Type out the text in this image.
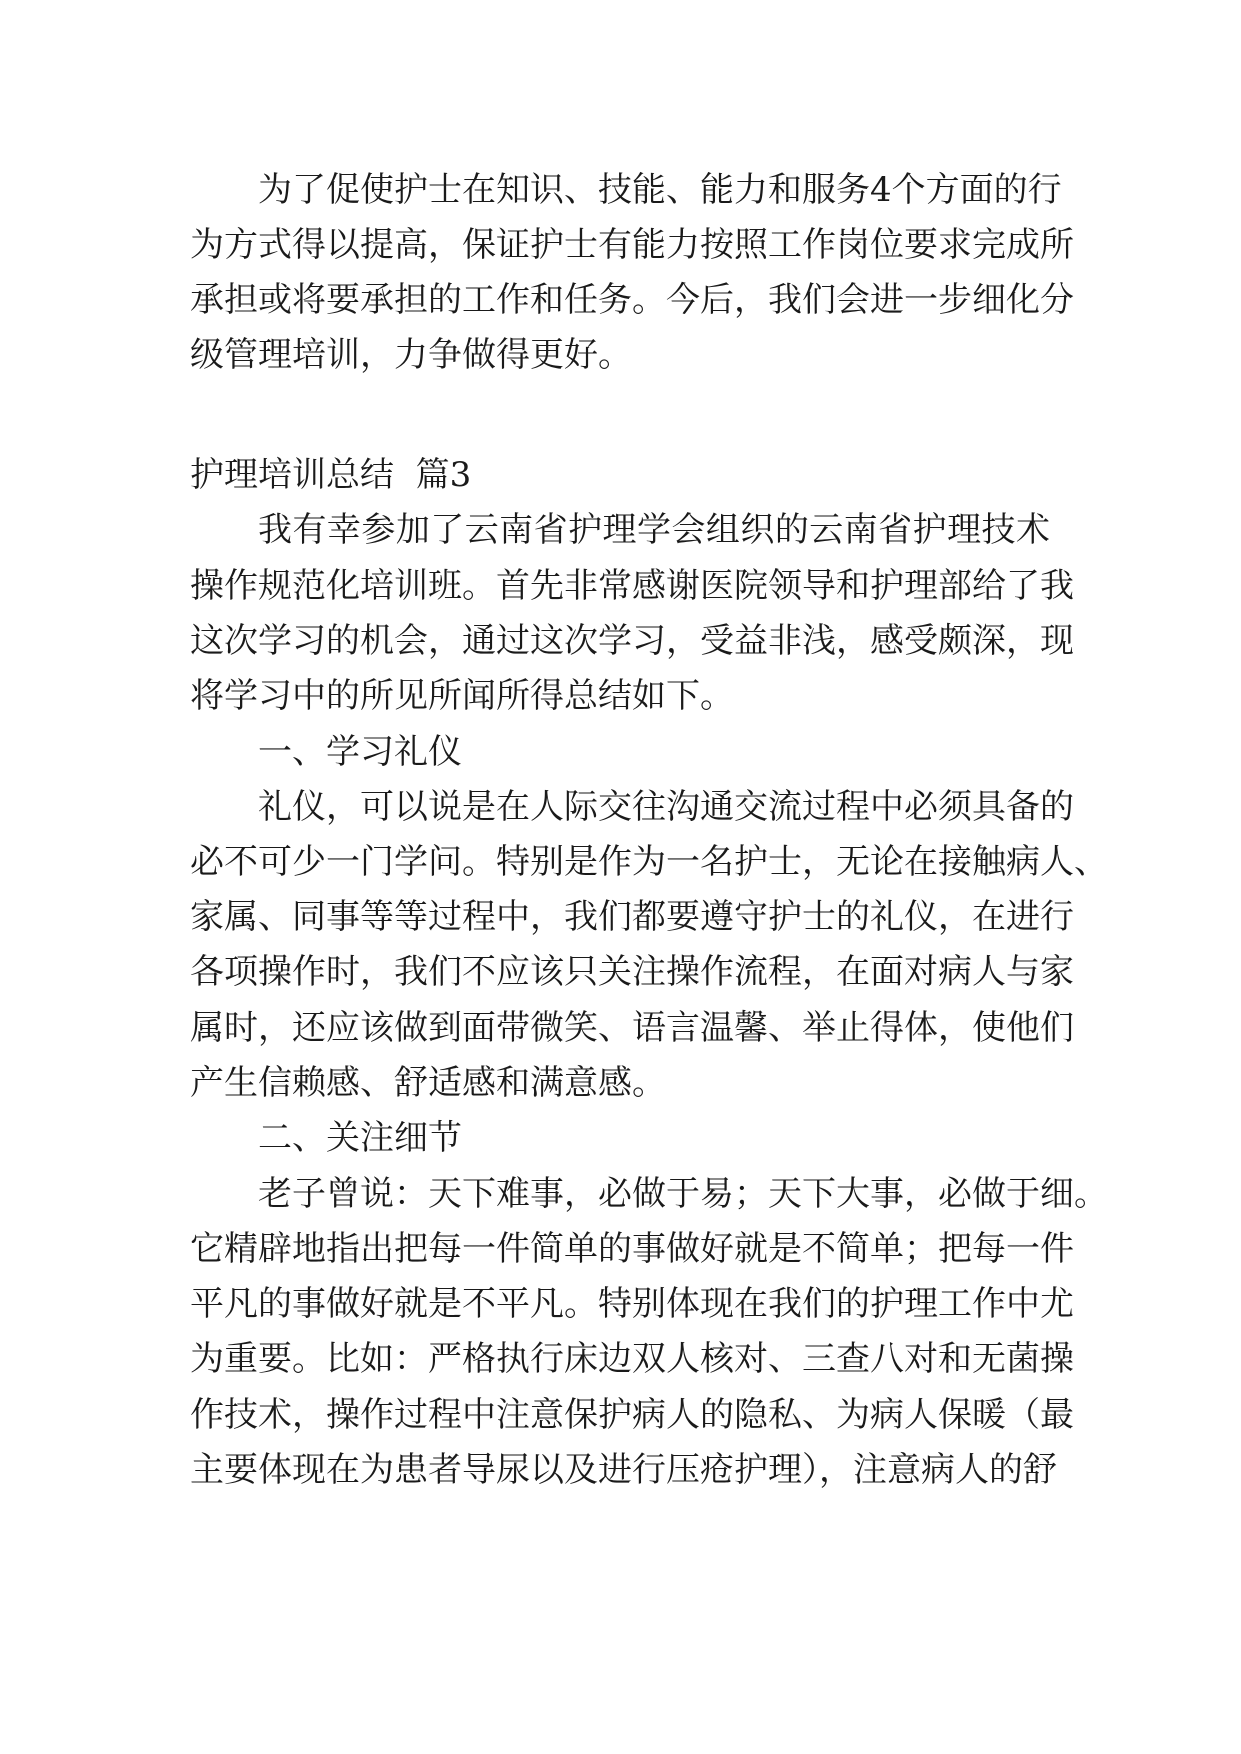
为了促使护士在知识、技能、能力和服务4个方面的行
为方式得以提高，保证护士有能力按照工作岗位要求完成所
承担或将要承担的工作和任务。今后，我们会进一步细化分
级管理培训，力争做得更好。
护理培训总结  篇3
我有幸参加了云南省护理学会组织的云南省护理技术
操作规范化培训班。首先非常感谢医院领导和护理部给了我
这次学习的机会，通过这次学习，受益非浅，感受颇深，现
将学习中的所见所闻所得总结如下。
一、学习礼仪
礼仪，可以说是在人际交往沟通交流过程中必须具备的
必不可少一门学问。特别是作为一名护士，无论在接触病人、
家属、同事等等过程中，我们都要遵守护士的礼仪，在进行
各项操作时，我们不应该只关注操作流程，在面对病人与家
属时，还应该做到面带微笑、语言温馨、举止得体，使他们
产生信赖感、舒适感和满意感。
二、关注细节
老子曾说：天下难事，必做于易；天下大事，必做于细。
它精辟地指出把每一件简单的事做好就是不简单；把每一件
平凡的事做好就是不平凡。特别体现在我们的护理工作中尤
为重要。比如：严格执行床边双人核对、三查八对和无菌操
作技术，操作过程中注意保护病人的隐私、为病人保暖（最
主要体现在为患者导尿以及进行压疮护理），注意病人的舒
